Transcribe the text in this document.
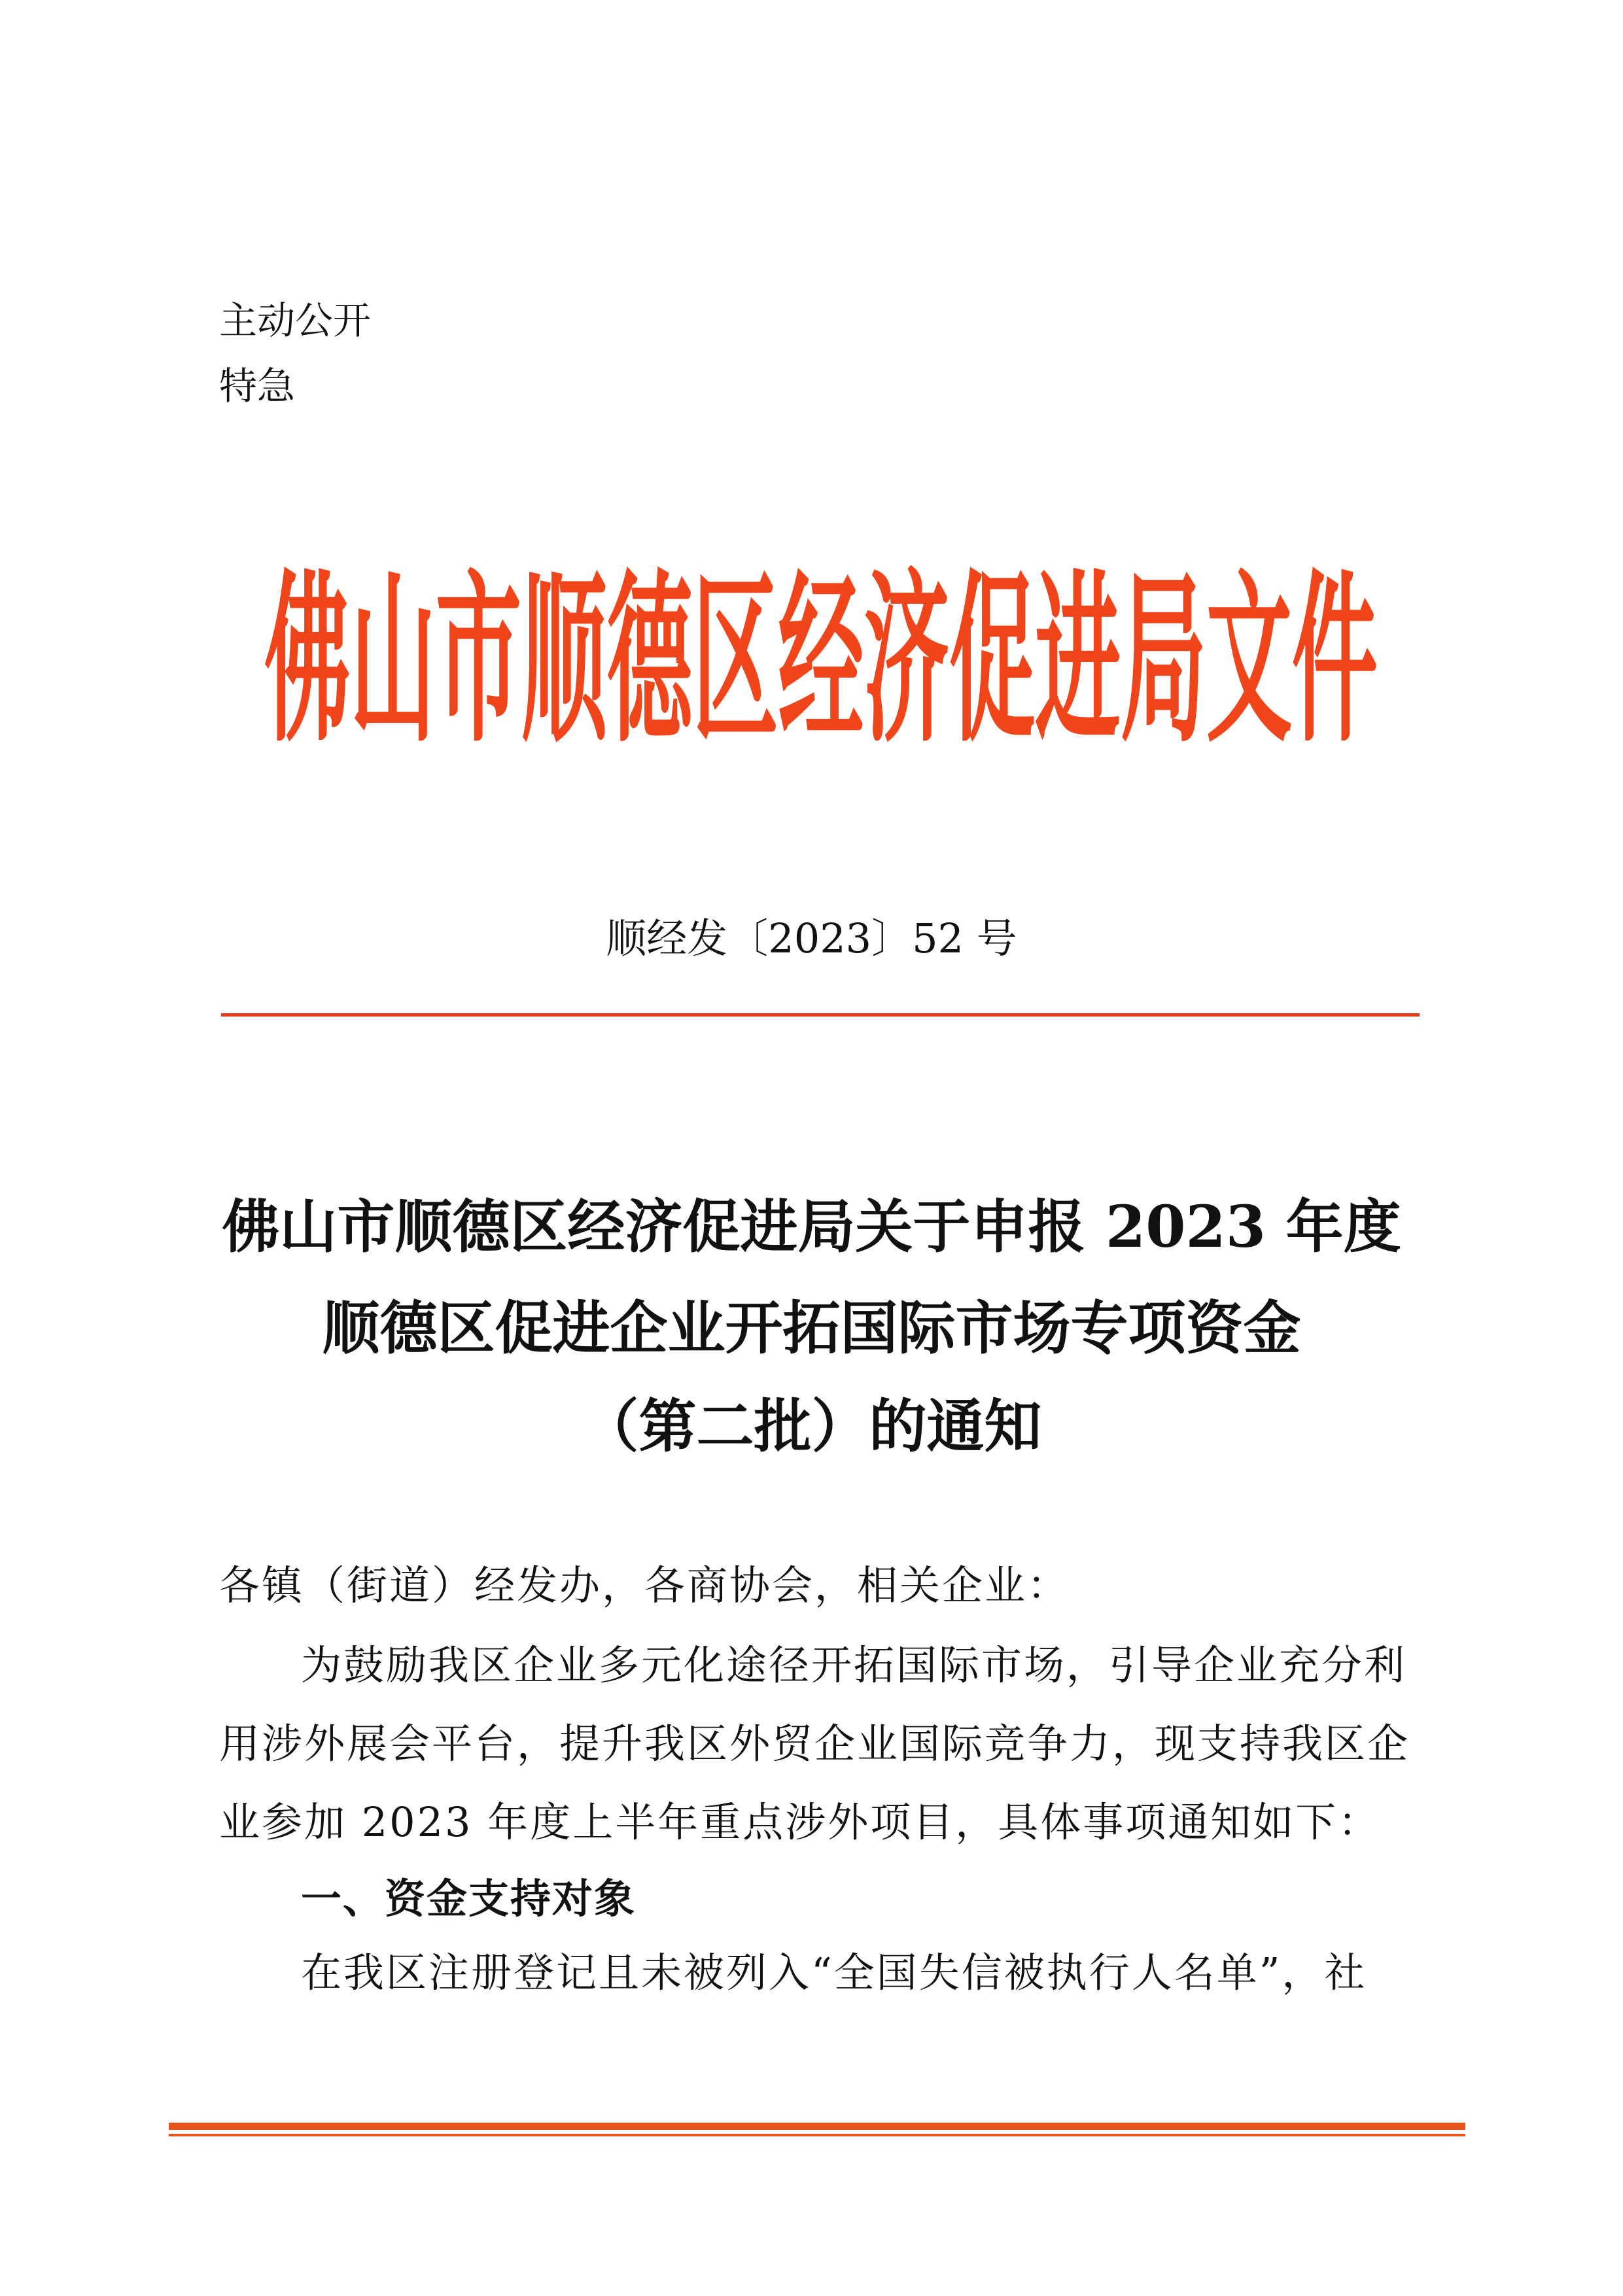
主动公开
特急
佛山市顺德区经济促进局文件
顺经发〔2023〕52 号
佛山市顺德区经济促进局关于申报 2023 年度
顺德区促进企业开拓国际市场专项资金
（第二批）的通知
各镇（街道）经发办，各商协会，相关企业：
为鼓励我区企业多元化途径开拓国际市场，引导企业充分利
用涉外展会平台，提升我区外贸企业国际竞争力，现支持我区企
业参加 2023 年度上半年重点涉外项目，具体事项通知如下：
一、资金支持对象
在我区注册登记且未被列入“全国失信被执行人名单”，社
